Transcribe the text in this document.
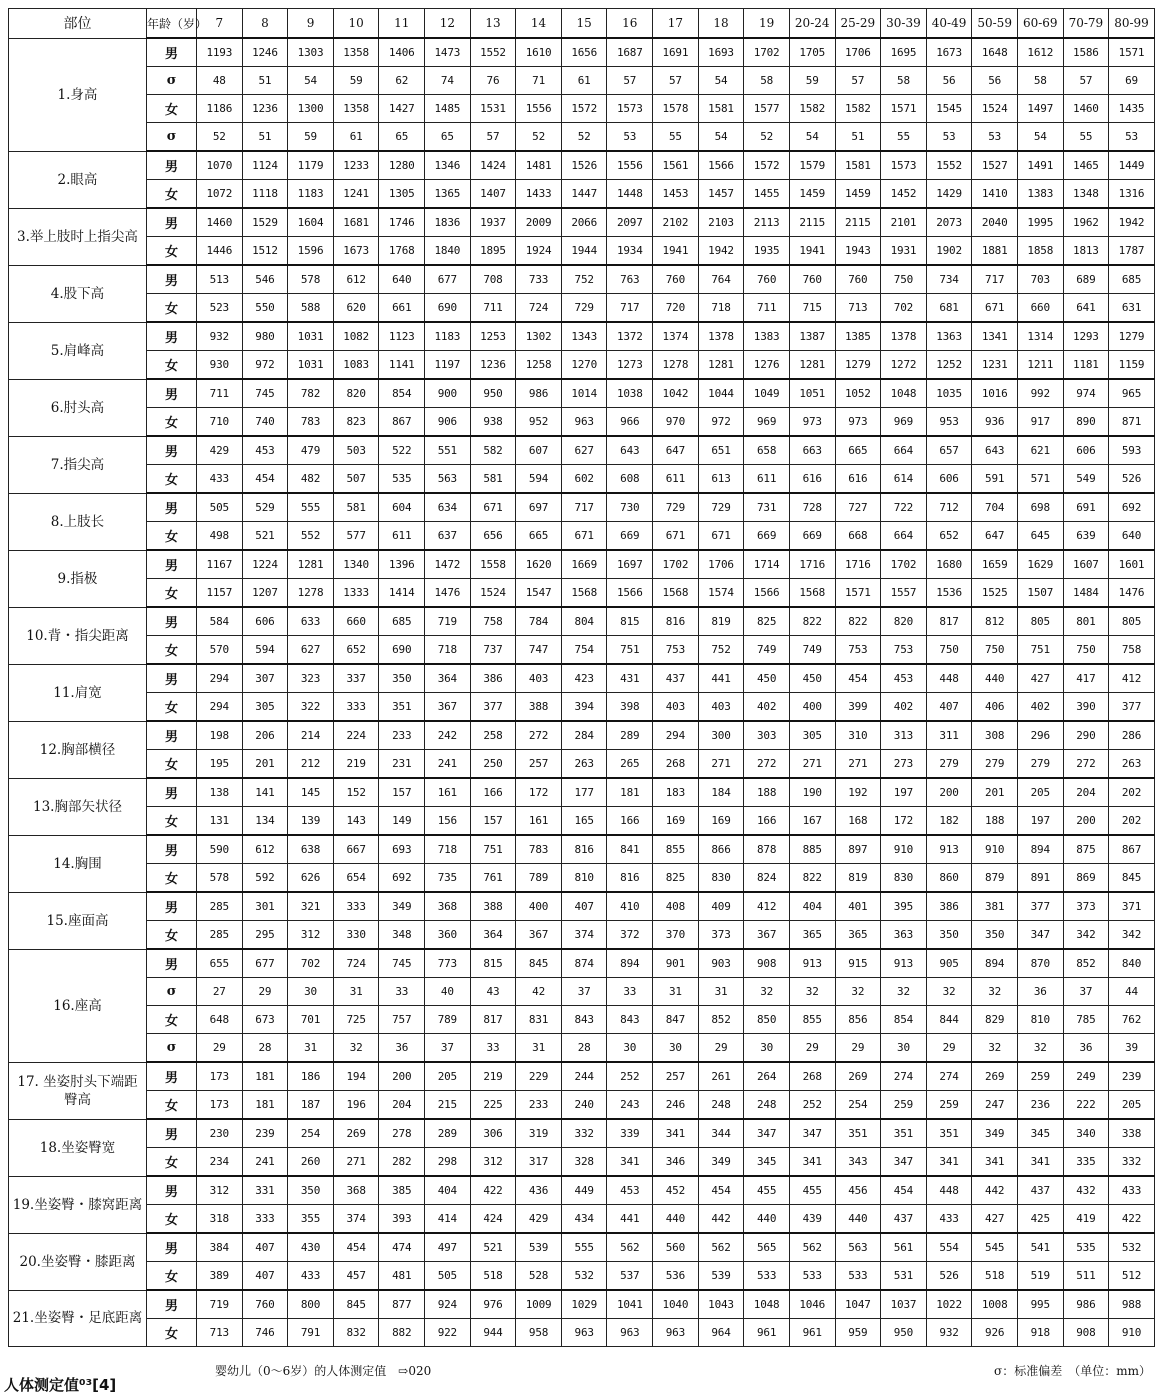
部位	年龄（岁）	7	8	9	10	11	12	13	14	15	16	17	18	19	20-24	25-29	30-39	40-49	50-59	60-69	70-79	80-99
1.身高	男	1193	1246	1303	1358	1406	1473	1552	1610	1656	1687	1691	1693	1702	1705	1706	1695	1673	1648	1612	1586	1571
	σ	48	51	54	59	62	74	76	71	61	57	57	54	58	59	57	58	56	56	58	57	69
	女	1186	1236	1300	1358	1427	1485	1531	1556	1572	1573	1578	1581	1577	1582	1582	1571	1545	1524	1497	1460	1435
	σ	52	51	59	61	65	65	57	52	52	53	55	54	52	54	51	55	53	53	54	55	53
2.眼高	男	1070	1124	1179	1233	1280	1346	1424	1481	1526	1556	1561	1566	1572	1579	1581	1573	1552	1527	1491	1465	1449
	女	1072	1118	1183	1241	1305	1365	1407	1433	1447	1448	1453	1457	1455	1459	1459	1452	1429	1410	1383	1348	1316
3.举上肢时上指尖高	男	1460	1529	1604	1681	1746	1836	1937	2009	2066	2097	2102	2103	2113	2115	2115	2101	2073	2040	1995	1962	1942
	女	1446	1512	1596	1673	1768	1840	1895	1924	1944	1934	1941	1942	1935	1941	1943	1931	1902	1881	1858	1813	1787
4.股下高	男	513	546	578	612	640	677	708	733	752	763	760	764	760	760	760	750	734	717	703	689	685
	女	523	550	588	620	661	690	711	724	729	717	720	718	711	715	713	702	681	671	660	641	631
5.肩峰高	男	932	980	1031	1082	1123	1183	1253	1302	1343	1372	1374	1378	1383	1387	1385	1378	1363	1341	1314	1293	1279
	女	930	972	1031	1083	1141	1197	1236	1258	1270	1273	1278	1281	1276	1281	1279	1272	1252	1231	1211	1181	1159
6.肘头高	男	711	745	782	820	854	900	950	986	1014	1038	1042	1044	1049	1051	1052	1048	1035	1016	992	974	965
	女	710	740	783	823	867	906	938	952	963	966	970	972	969	973	973	969	953	936	917	890	871
7.指尖高	男	429	453	479	503	522	551	582	607	627	643	647	651	658	663	665	664	657	643	621	606	593
	女	433	454	482	507	535	563	581	594	602	608	611	613	611	616	616	614	606	591	571	549	526
8.上肢长	男	505	529	555	581	604	634	671	697	717	730	729	729	731	728	727	722	712	704	698	691	692
	女	498	521	552	577	611	637	656	665	671	669	671	671	669	669	668	664	652	647	645	639	640
9.指极	男	1167	1224	1281	1340	1396	1472	1558	1620	1669	1697	1702	1706	1714	1716	1716	1702	1680	1659	1629	1607	1601
	女	1157	1207	1278	1333	1414	1476	1524	1547	1568	1566	1568	1574	1566	1568	1571	1557	1536	1525	1507	1484	1476
10.背・指尖距离	男	584	606	633	660	685	719	758	784	804	815	816	819	825	822	822	820	817	812	805	801	805
	女	570	594	627	652	690	718	737	747	754	751	753	752	749	749	753	753	750	750	751	750	758
11.肩宽	男	294	307	323	337	350	364	386	403	423	431	437	441	450	450	454	453	448	440	427	417	412
	女	294	305	322	333	351	367	377	388	394	398	403	403	402	400	399	402	407	406	402	390	377
12.胸部横径	男	198	206	214	224	233	242	258	272	284	289	294	300	303	305	310	313	311	308	296	290	286
	女	195	201	212	219	231	241	250	257	263	265	268	271	272	271	271	273	279	279	279	272	263
13.胸部矢状径	男	138	141	145	152	157	161	166	172	177	181	183	184	188	190	192	197	200	201	205	204	202
	女	131	134	139	143	149	156	157	161	165	166	169	169	166	167	168	172	182	188	197	200	202
14.胸围	男	590	612	638	667	693	718	751	783	816	841	855	866	878	885	897	910	913	910	894	875	867
	女	578	592	626	654	692	735	761	789	810	816	825	830	824	822	819	830	860	879	891	869	845
15.座面高	男	285	301	321	333	349	368	388	400	407	410	408	409	412	404	401	395	386	381	377	373	371
	女	285	295	312	330	348	360	364	367	374	372	370	373	367	365	365	363	350	350	347	342	342
16.座高	男	655	677	702	724	745	773	815	845	874	894	901	903	908	913	915	913	905	894	870	852	840
	σ	27	29	30	31	33	40	43	42	37	33	31	31	32	32	32	32	32	32	36	37	44
	女	648	673	701	725	757	789	817	831	843	843	847	852	850	855	856	854	844	829	810	785	762
	σ	29	28	31	32	36	37	33	31	28	30	30	29	30	29	29	30	29	32	32	36	39
17. 坐姿肘头下端距臀高	男	173	181	186	194	200	205	219	229	244	252	257	261	264	268	269	274	274	269	259	249	239
	女	173	181	187	196	204	215	225	233	240	243	246	248	248	252	254	259	259	247	236	222	205
18.坐姿臀宽	男	230	239	254	269	278	289	306	319	332	339	341	344	347	347	351	351	351	349	345	340	338
	女	234	241	260	271	282	298	312	317	328	341	346	349	345	341	343	347	341	341	341	335	332
19.坐姿臀・膝窝距离	男	312	331	350	368	385	404	422	436	449	453	452	454	455	455	456	454	448	442	437	432	433
	女	318	333	355	374	393	414	424	429	434	441	440	442	440	439	440	437	433	427	425	419	422
20.坐姿臀・膝距离	男	384	407	430	454	474	497	521	539	555	562	560	562	565	562	563	561	554	545	541	535	532
	女	389	407	433	457	481	505	518	528	532	537	536	539	533	533	533	531	526	518	519	511	512
21.坐姿臀・足底距离	男	719	760	800	845	877	924	976	1009	1029	1041	1040	1043	1048	1046	1047	1037	1022	1008	995	986	988
	女	713	746	791	832	882	922	944	958	963	963	963	964	961	961	959	950	932	926	918	908	910
人体测定值⁰³[4]
婴幼儿（0～6岁）的人体测定值　⇨020	σ：标准偏差　（单位：mm）
